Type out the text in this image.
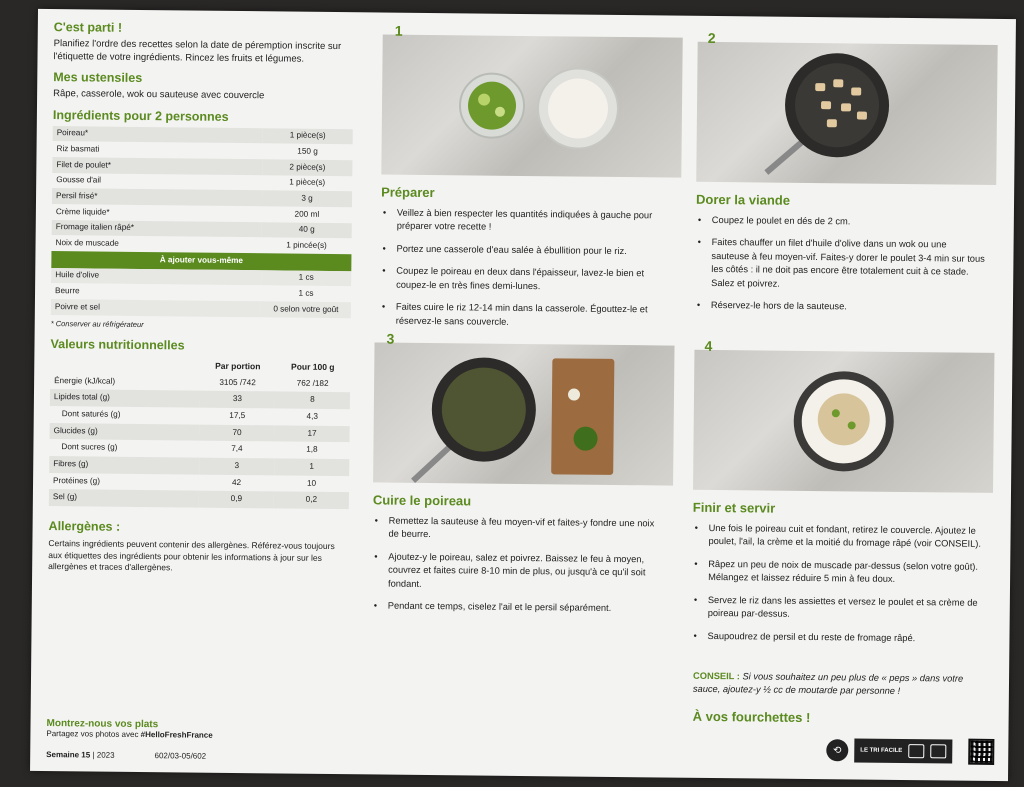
C'est parti !

Planifiez l'ordre des recettes selon la date de péremption inscrite sur l'étiquette de votre ingrédients. Rincez les fruits et légumes.

Mes ustensiles

Râpe, casserole, wok ou sauteuse avec couvercle

Ingrédients pour 2 personnes
Poireau*	1 pièce(s)
Riz basmati	150 g
Filet de poulet*	2 pièce(s)
Gousse d'ail	1 pièce(s)
Persil frisé*	3 g
Crème liquide*	200 ml
Fromage italien râpé*	40 g
Noix de muscade	1 pincée(s)
À ajouter vous-même	
Huile d'olive	1 cs
Beurre	1 cs
Poivre et sel	0 selon votre goût
* Conserver au réfrigérateur
Valeurs nutritionnelles
	Par portion	Pour 100 g
Énergie (kJ/kcal)	3105 /742	762 /182
Lipides total (g)	33	8
Dont saturés (g)	17,5	4,3
Glucides (g)	70	17
Dont sucres (g)	7,4	1,8
Fibres (g)	3	1
Protéines (g)	42	10
Sel (g)	0,9	0,2
Allergènes :

Certains ingrédients peuvent contenir des allergènes. Référez-vous toujours aux étiquettes des ingrédients pour obtenir les informations à jour sur les allergènes et traces d'allergènes.

Montrez-nous vos plats
Partagez vos photos avec #HelloFreshFrance
Semaine 15 | 2023	602/03-05/602
1
Préparer
• Veillez à bien respecter les quantités indiquées à gauche pour préparer votre recette !
• Portez une casserole d'eau salée à ébullition pour le riz.
• Coupez le poireau en deux dans l'épaisseur, lavez-le bien et coupez-le en très fines demi-lunes.
• Faites cuire le riz 12-14 min dans la casserole. Égouttez-le et réservez-le sans couvercle.
2
Dorer la viande
• Coupez le poulet en dés de 2 cm.
• Faites chauffer un filet d'huile d'olive dans un wok ou une sauteuse à feu moyen-vif. Faites-y dorer le poulet 3-4 min sur tous les côtés : il ne doit pas encore être totalement cuit à ce stade. Salez et poivrez.
• Réservez-le hors de la sauteuse.
3
Cuire le poireau
• Remettez la sauteuse à feu moyen-vif et faites-y fondre une noix de beurre.
• Ajoutez-y le poireau, salez et poivrez. Baissez le feu à moyen, couvrez et faites cuire 8-10 min de plus, ou jusqu'à ce qu'il soit fondant.
• Pendant ce temps, ciselez l'ail et le persil séparément.
4
Finir et servir
• Une fois le poireau cuit et fondant, retirez le couvercle. Ajoutez le poulet, l'ail, la crème et la moitié du fromage râpé (voir CONSEIL).
• Râpez un peu de noix de muscade par-dessus (selon votre goût). Mélangez et laissez réduire 5 min à feu doux.
• Servez le riz dans les assiettes et versez le poulet et sa crème de poireau par-dessus.
• Saupoudrez de persil et du reste de fromage râpé.
CONSEIL : Si vous souhaitez un peu plus de « peps » dans votre sauce, ajoutez-y ½ cc de moutarde par personne !
À vos fourchettes !
⟲	LE TRI FACILE
